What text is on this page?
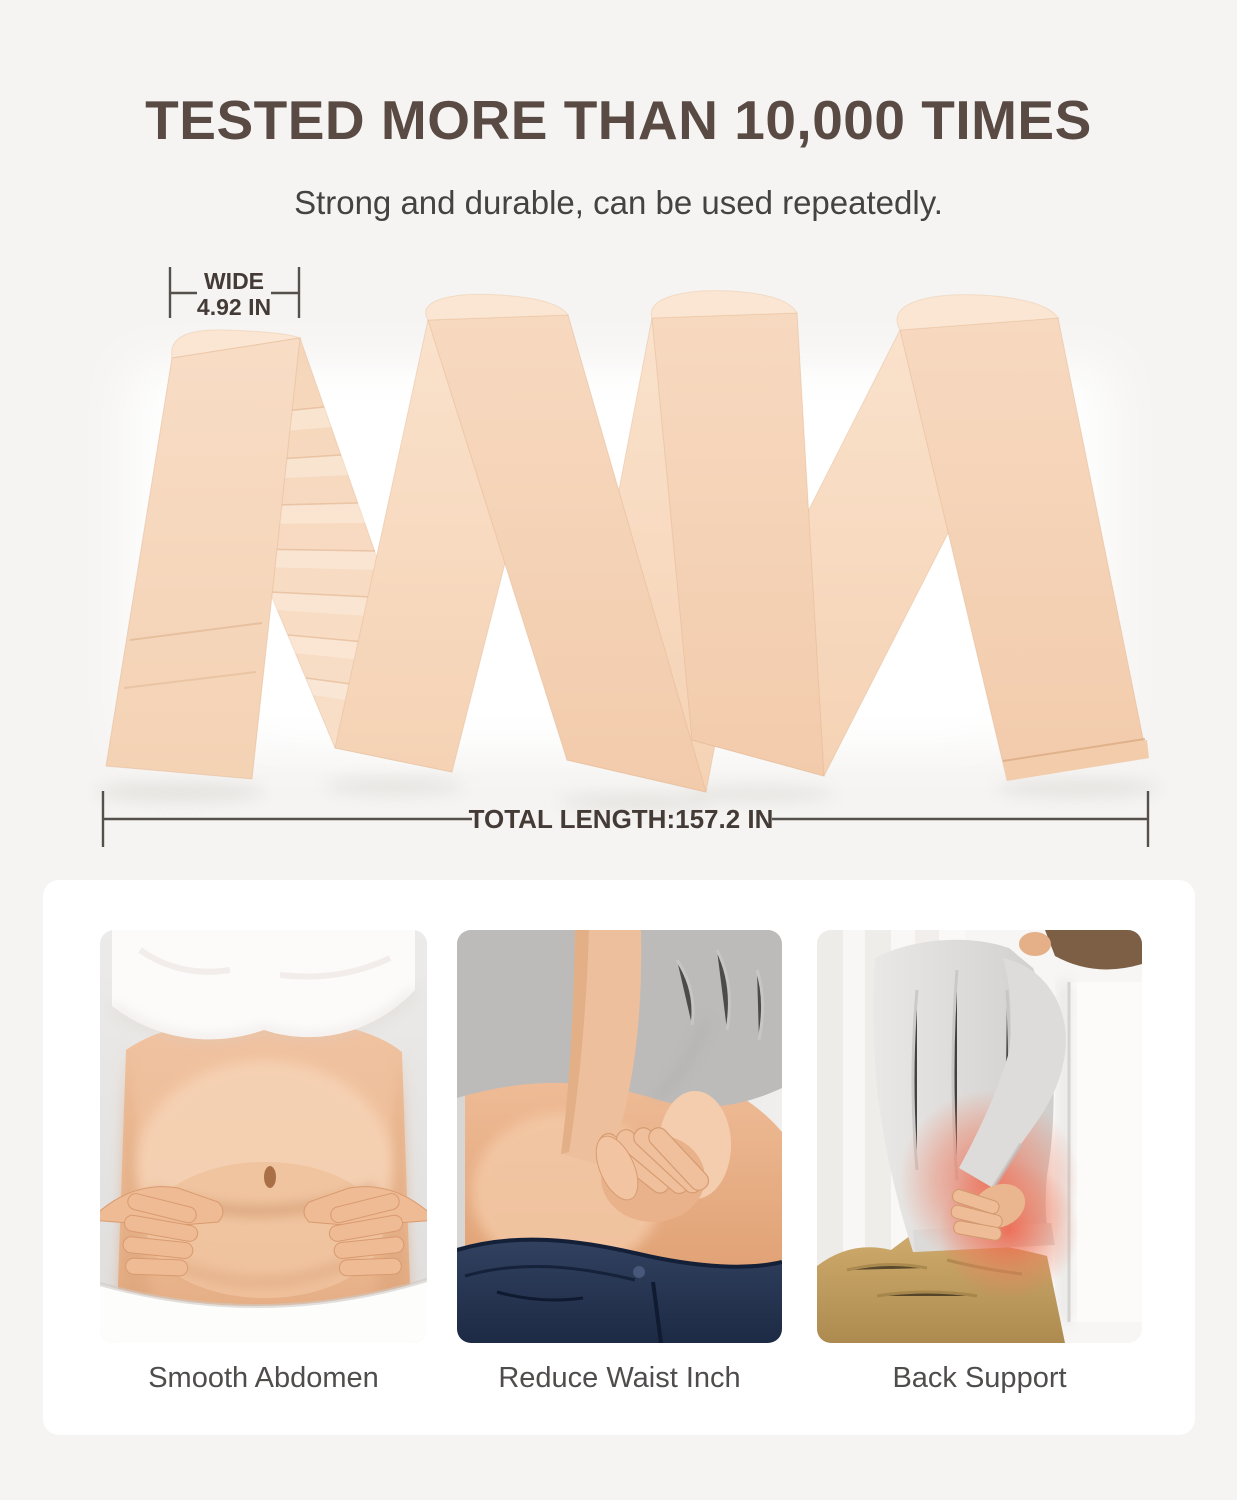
TESTED MORE THAN 10,000 TIMES
Strong and durable, can be used repeatedly.
WIDE
4.92 IN
TOTAL LENGTH:157.2 IN
Smooth Abdomen	Reduce Waist Inch	Back Support
